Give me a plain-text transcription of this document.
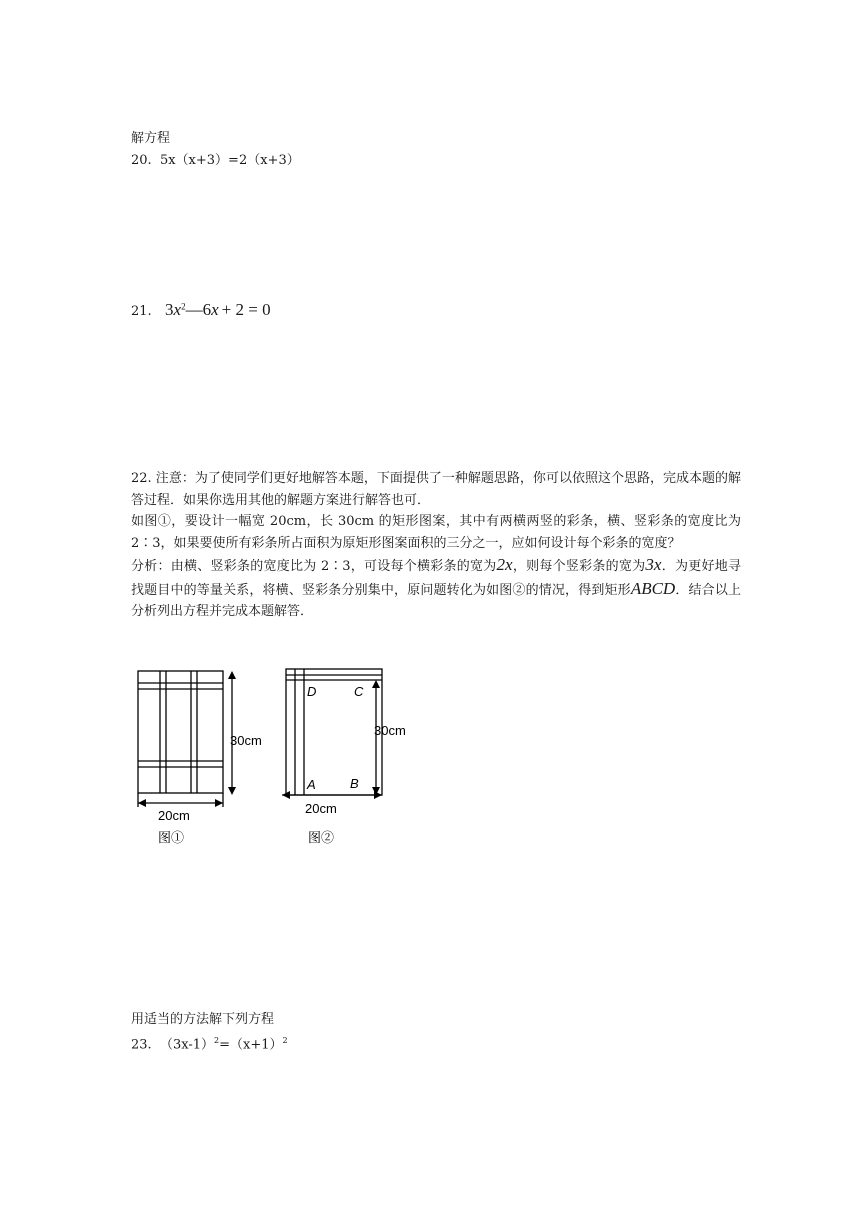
解方程
20. 5x（x+3）=2（x+3）
21. $3x^2—6x + 2 = 0$

22. 注意：为了使同学们更好地解答本题，下面提供了一种解题思路，你可以依照这个思路，完成本题的解答过程．如果你选用其他的解题方案进行解答也可．

如图①，要设计一幅宽 20cm，长 30cm 的矩形图案，其中有两横两竖的彩条，横、竖彩条的宽度比为 2∶3，如果要使所有彩条所占面积为原矩形图案面积的三分之一，应如何设计每个彩条的宽度？

分析：由横、竖彩条的宽度比为 2∶3，可设每个横彩条的宽为2x，则每个竖彩条的宽为3x．为更好地寻找题目中的等量关系，将横、竖彩条分别集中，原问题转化为如图②的情况，得到矩形ABCD．结合以上分析列出方程并完成本题解答．

30cm
20cm
图①
D	C
A	B
30cm
20cm
图②
用适当的方法解下列方程
23. $(3x-1)^2=(x+1)^2$
